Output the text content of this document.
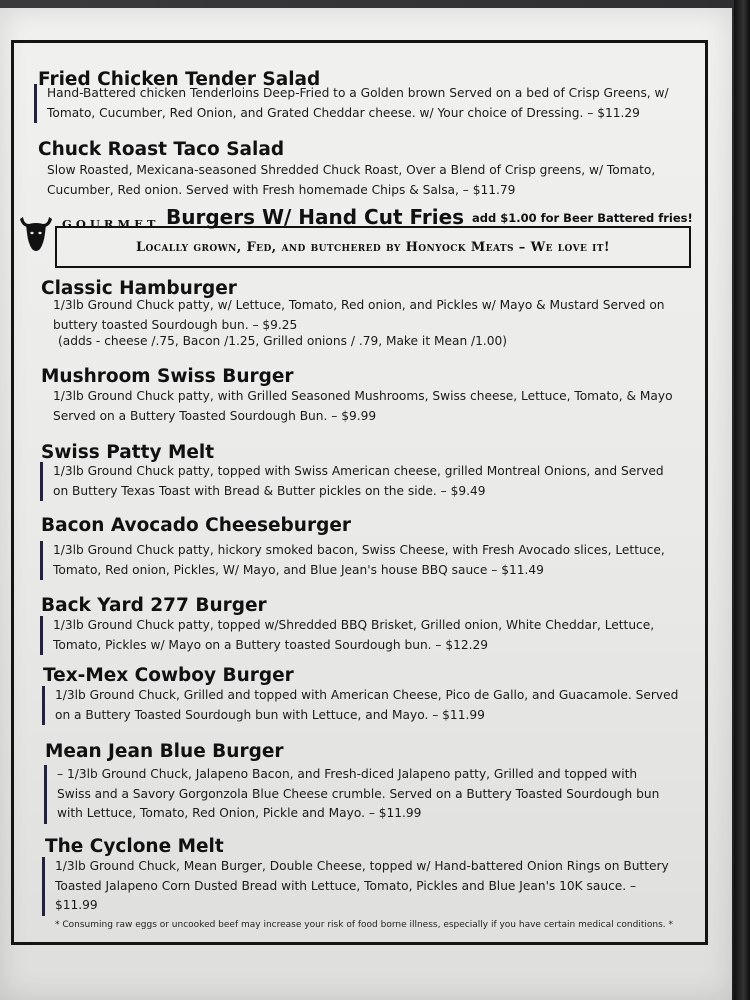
Fried Chicken Tender Salad
Hand-Battered chicken Tenderloins Deep-Fried to a Golden brown Served on a bed of Crisp Greens, w/
Tomato, Cucumber, Red Onion, and Grated Cheddar cheese. w/ Your choice of Dressing. – $11.29
Chuck Roast Taco Salad
Slow Roasted, Mexicana-seasoned Shredded Chuck Roast, Over a Blend of Crisp greens, w/ Tomato,
Cucumber, Red onion. Served with Fresh homemade Chips & Salsa, – $11.79
GOURMET Burgers W/ Hand Cut Fries add $1.00 for Beer Battered fries!
Locally grown, Fed, and butchered by Honyock Meats – We love it!
Classic Hamburger
1/3lb Ground Chuck patty, w/ Lettuce, Tomato, Red onion, and Pickles w/ Mayo & Mustard Served on
buttery toasted Sourdough bun. – $9.25
(adds - cheese /.75, Bacon /1.25, Grilled onions / .79, Make it Mean /1.00)
Mushroom Swiss Burger
1/3lb Ground Chuck patty, with Grilled Seasoned Mushrooms, Swiss cheese, Lettuce, Tomato, & Mayo
Served on a Buttery Toasted Sourdough Bun. – $9.99
Swiss Patty Melt
1/3lb Ground Chuck patty, topped with Swiss American cheese, grilled Montreal Onions, and Served
on Buttery Texas Toast with Bread & Butter pickles on the side. – $9.49
Bacon Avocado Cheeseburger
1/3lb Ground Chuck patty, hickory smoked bacon, Swiss Cheese, with Fresh Avocado slices, Lettuce,
Tomato, Red onion, Pickles, W/ Mayo, and Blue Jean's house BBQ sauce – $11.49
Back Yard 277 Burger
1/3lb Ground Chuck patty, topped w/Shredded BBQ Brisket, Grilled onion, White Cheddar, Lettuce,
Tomato, Pickles w/ Mayo on a Buttery toasted Sourdough bun. – $12.29
Tex-Mex Cowboy Burger
1/3lb Ground Chuck, Grilled and topped with American Cheese, Pico de Gallo, and Guacamole. Served
on a Buttery Toasted Sourdough bun with Lettuce, and Mayo. – $11.99
Mean Jean Blue Burger
– 1/3lb Ground Chuck, Jalapeno Bacon, and Fresh-diced Jalapeno patty, Grilled and topped with
Swiss and a Savory Gorgonzola Blue Cheese crumble. Served on a Buttery Toasted Sourdough bun
with Lettuce, Tomato, Red Onion, Pickle and Mayo. – $11.99
The Cyclone Melt
1/3lb Ground Chuck, Mean Burger, Double Cheese, topped w/ Hand-battered Onion Rings on Buttery
Toasted Jalapeno Corn Dusted Bread with Lettuce, Tomato, Pickles and Blue Jean's 10K sauce. –
$11.99
* Consuming raw eggs or uncooked beef may increase your risk of food borne illness, especially if you have certain medical conditions. *
